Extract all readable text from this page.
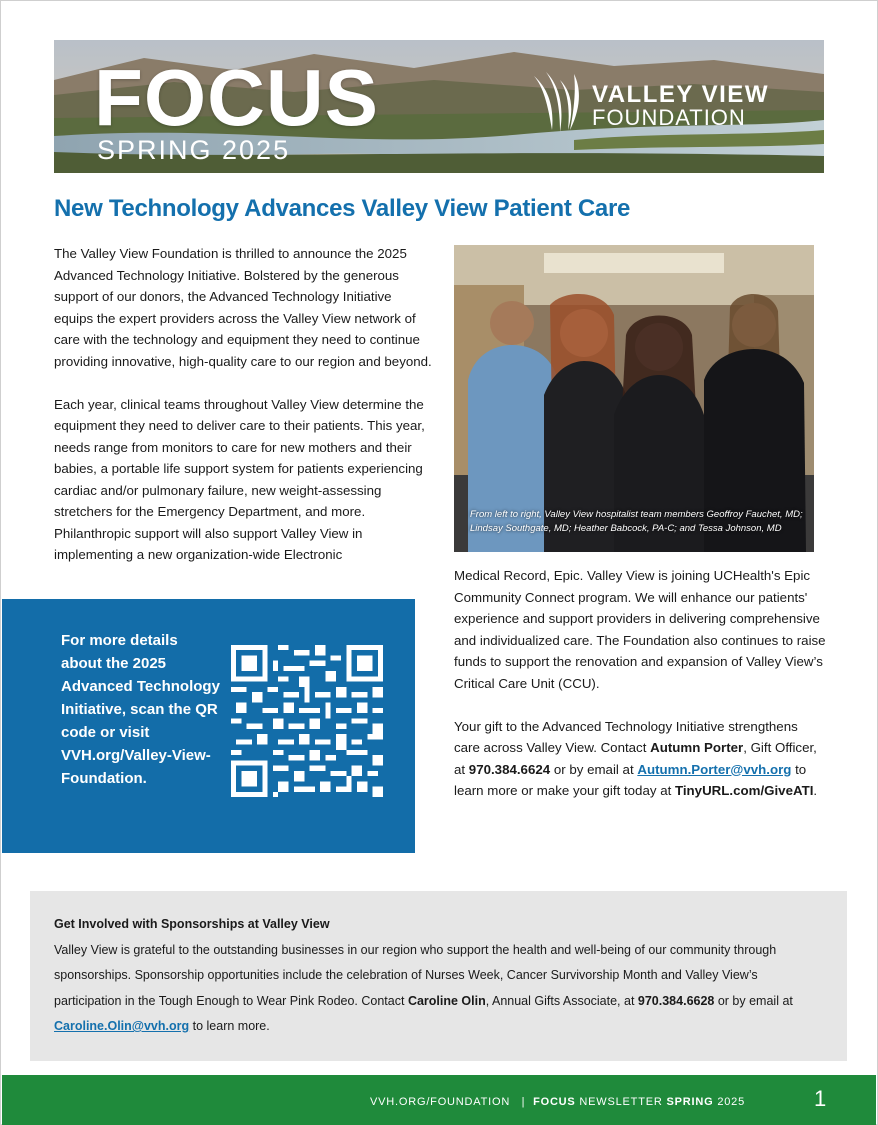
FOCUS
SPRING 2025
VALLEY VIEW
FOUNDATION
New Technology Advances Valley View Patient Care

The Valley View Foundation is thrilled to announce the 2025 Advanced Technology Initiative. Bolstered by the generous support of our donors, the Advanced Technology Initiative equips the expert providers across the Valley View network of care with the technology and equipment they need to continue providing innovative, high-quality care to our region and beyond.

Each year, clinical teams throughout Valley View determine the equipment they need to deliver care to their patients. This year, needs range from monitors to care for new mothers and their babies, a portable life support system for patients experiencing cardiac and/or pulmonary failure, new weight-assessing stretchers for the Emergency Department, and more. Philanthropic support will also support Valley View in implementing a new organization-wide Electronic

From left to right, Valley View hospitalist team members Geoffroy Fauchet, MD; Lindsay Southgate, MD; Heather Babcock, PA-C; and Tessa Johnson, MD

Medical Record, Epic. Valley View is joining UCHealth's Epic Community Connect program. We will enhance our patients' experience and support providers in delivering comprehensive and individualized care. The Foundation also continues to raise funds to support the renovation and expansion of Valley View’s Critical Care Unit (CCU).

Your gift to the Advanced Technology Initiative strengthens care across Valley View. Contact Autumn Porter, Gift Officer, at 970.384.6624 or by email at Autumn.Porter@vvh.org to learn more or make your gift today at TinyURL.com/GiveATI.

For more details about the 2025 Advanced Technology Initiative, scan the QR code or visit VVH.org/Valley-View-Foundation.
Get Involved with Sponsorships at Valley View
Valley View is grateful to the outstanding businesses in our region who support the health and well-being of our community through sponsorships. Sponsorship opportunities include the celebration of Nurses Week, Cancer Survivorship Month and Valley View’s participation in the Tough Enough to Wear Pink Rodeo. Contact Caroline Olin, Annual Gifts Associate, at 970.384.6628 or by email at Caroline.Olin@vvh.org to learn more.
VVH.ORG/FOUNDATION | FOCUS NEWSLETTER SPRING 2025	1
